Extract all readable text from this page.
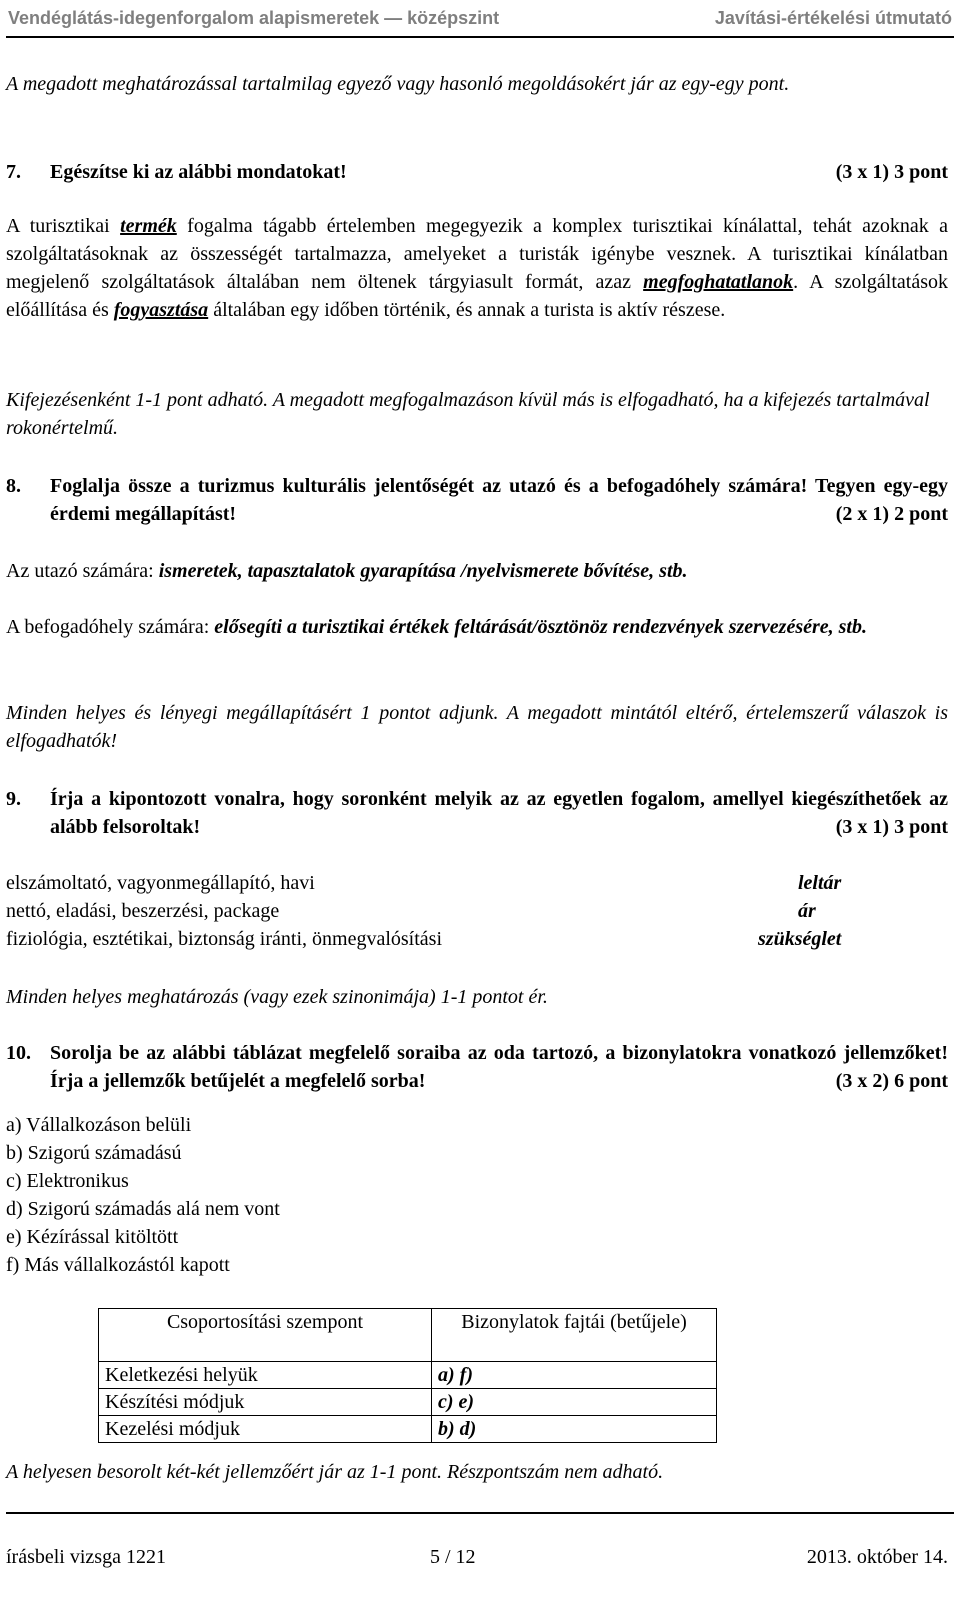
Vendéglátás-idegenforgalom alapismeretek — középszint	Javítási-értékelési útmutató
A megadott meghatározással tartalmilag egyező vagy hasonló megoldásokért jár az egy-egy pont.
7. Egészítse ki az alábbi mondatokat!	(3 x 1) 3 pont
A turisztikai termék fogalma tágabb értelemben megegyezik a komplex turisztikai kínálattal, tehát azoknak a szolgáltatásoknak az összességét tartalmazza, amelyeket a turisták igénybe vesznek. A turisztikai kínálatban megjelenő szolgáltatások általában nem öltenek tárgyiasult formát, azaz megfoghatatlanok. A szolgáltatások előállítása és fogyasztása általában egy időben történik, és annak a turista is aktív részese.
Kifejezésenként 1-1 pont adható. A megadott megfogalmazáson kívül más is elfogadható, ha a kifejezés tartalmával rokonértelmű.
8. Foglalja össze a turizmus kulturális jelentőségét az utazó és a befogadóhely számára! Tegyen egy-egy érdemi megállapítást!	(2 x 1) 2 pont
Az utazó számára: ismeretek, tapasztalatok gyarapítása /nyelvismerete bővítése, stb.
A befogadóhely számára: elősegíti a turisztikai értékek feltárását/ösztönöz rendezvények szervezésére, stb.
Minden helyes és lényegi megállapításért 1 pontot adjunk. A megadott mintától eltérő, értelemszerű válaszok is elfogadhatók!
9. Írja a kipontozott vonalra, hogy soronként melyik az az egyetlen fogalom, amellyel kiegészíthetőek az alább felsoroltak!	(3 x 1) 3 pont
elszámoltató, vagyonmegállapító, havi	leltár
nettó, eladási, beszerzési, package	ár
fiziológia, esztétikai, biztonság iránti, önmegvalósítási	szükséglet
Minden helyes meghatározás (vagy ezek szinonimája) 1-1 pontot ér.
10. Sorolja be az alábbi táblázat megfelelő soraiba az oda tartozó, a bizonylatokra vonatkozó jellemzőket! Írja a jellemzők betűjelét a megfelelő sorba!	(3 x 2) 6 pont
a) Vállalkozáson belüli
b) Szigorú számadású
c) Elektronikus
d) Szigorú számadás alá nem vont
e) Kézírással kitöltött
f) Más vállalkozástól kapott
Csoportosítási szempont	Bizonylatok fajtái (betűjele)
Keletkezési helyük	a) f)
Készítési módjuk	c) e)
Kezelési módjuk	b) d)
A helyesen besorolt két-két jellemzőért jár az 1-1 pont. Részpontszám nem adható.
írásbeli vizsga 1221	5 / 12	2013. október 14.
